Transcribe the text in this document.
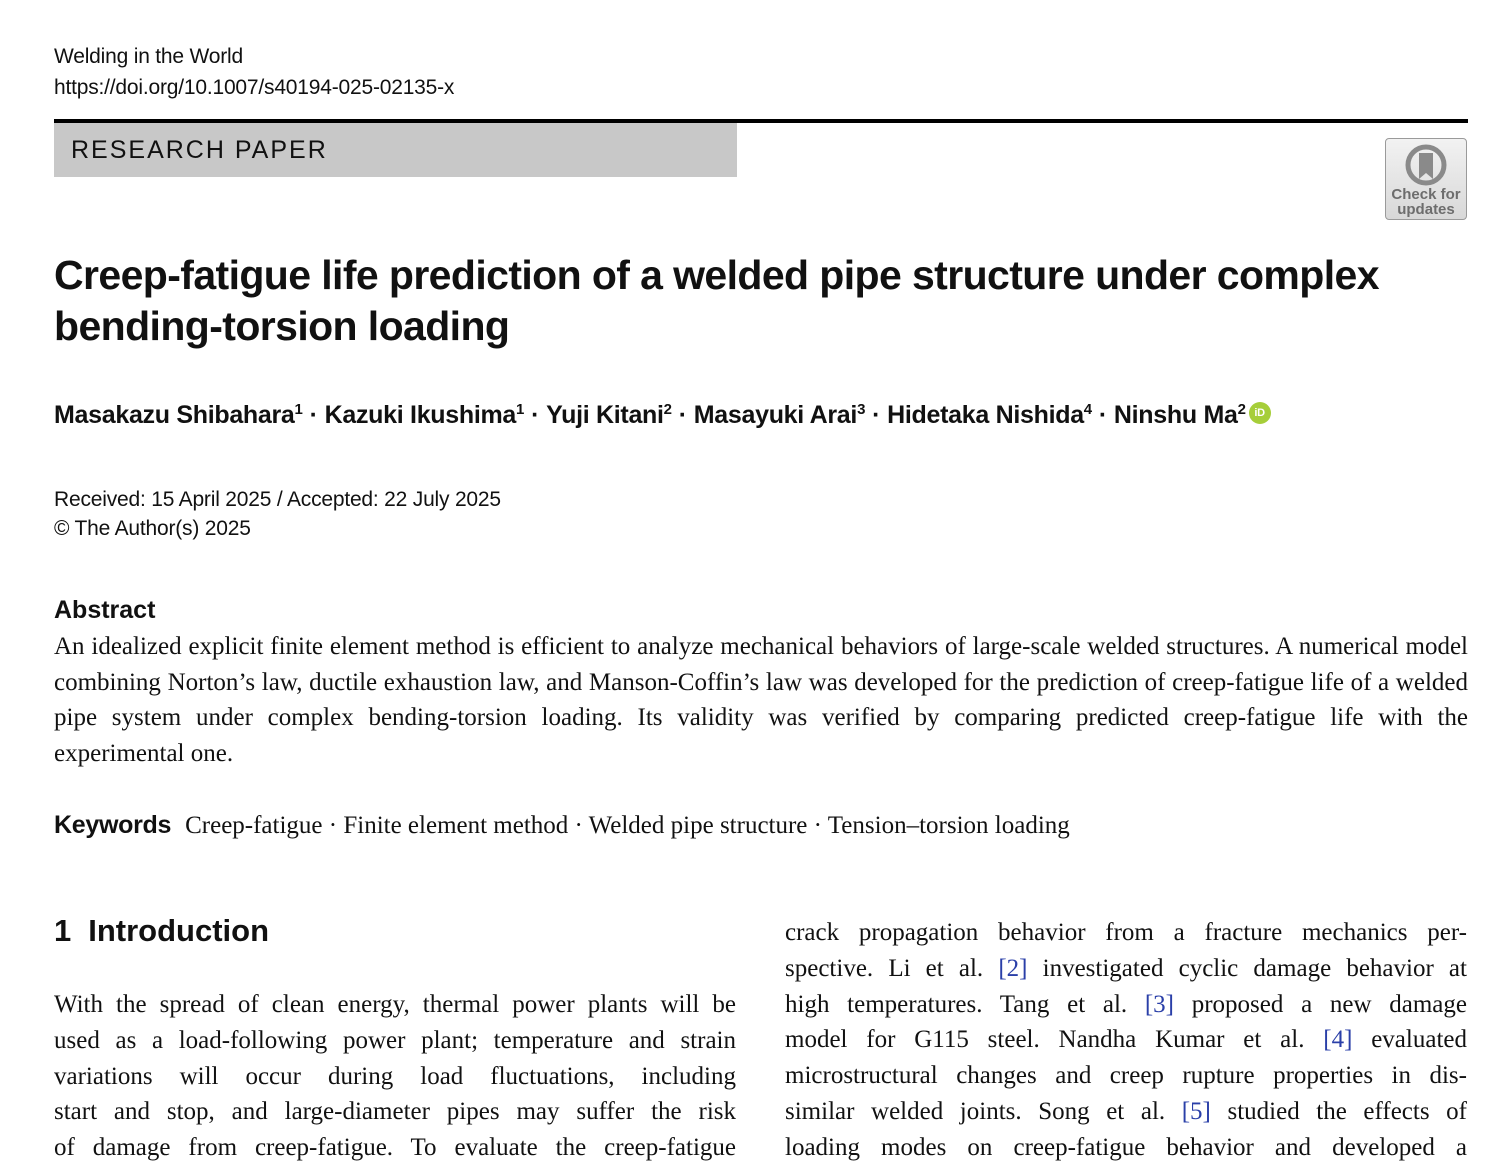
Welding in the World
https://doi.org/10.1007/s40194-025-02135-x
RESEARCH PAPER
Check for
updates
Creep-fatigue life prediction of a welded pipe structure under complex
bending-torsion loading
Masakazu Shibahara$^1$ · Kazuki Ikushima$^1$ · Yuji Kitani$^2$ · Masayuki Arai$^3$ · Hidetaka Nishida$^4$ · Ninshu Ma$^2$ iD
Received: 15 April 2025 / Accepted: 22 July 2025
© The Author(s) 2025
Abstract

An idealized explicit finite element method is efficient to analyze mechanical behaviors of large-scale welded structures. A numerical model combining Norton’s law, ductile exhaustion law, and Manson-Coffin’s law was developed for the prediction of creep-fatigue life of a welded pipe system under complex bending-torsion loading. Its validity was verified by comparing predicted creep-fatigue life with the experimental one.

Keywords Creep-fatigue · Finite element method · Welded pipe structure · Tension–torsion loading
1 Introduction
With the spread of clean energy, thermal power plants will be
used as a load-following power plant; temperature and strain
variations will occur during load fluctuations, including
start and stop, and large-diameter pipes may suffer the risk
of damage from creep-fatigue. To evaluate the creep-fatigue
crack propagation behavior from a fracture mechanics per-
spective. Li et al. [2] investigated cyclic damage behavior at
high temperatures. Tang et al. [3] proposed a new damage
model for G115 steel. Nandha Kumar et al. [4] evaluated
microstructural changes and creep rupture properties in dis-
similar welded joints. Song et al. [5] studied the effects of
loading modes on creep-fatigue behavior and developed a
